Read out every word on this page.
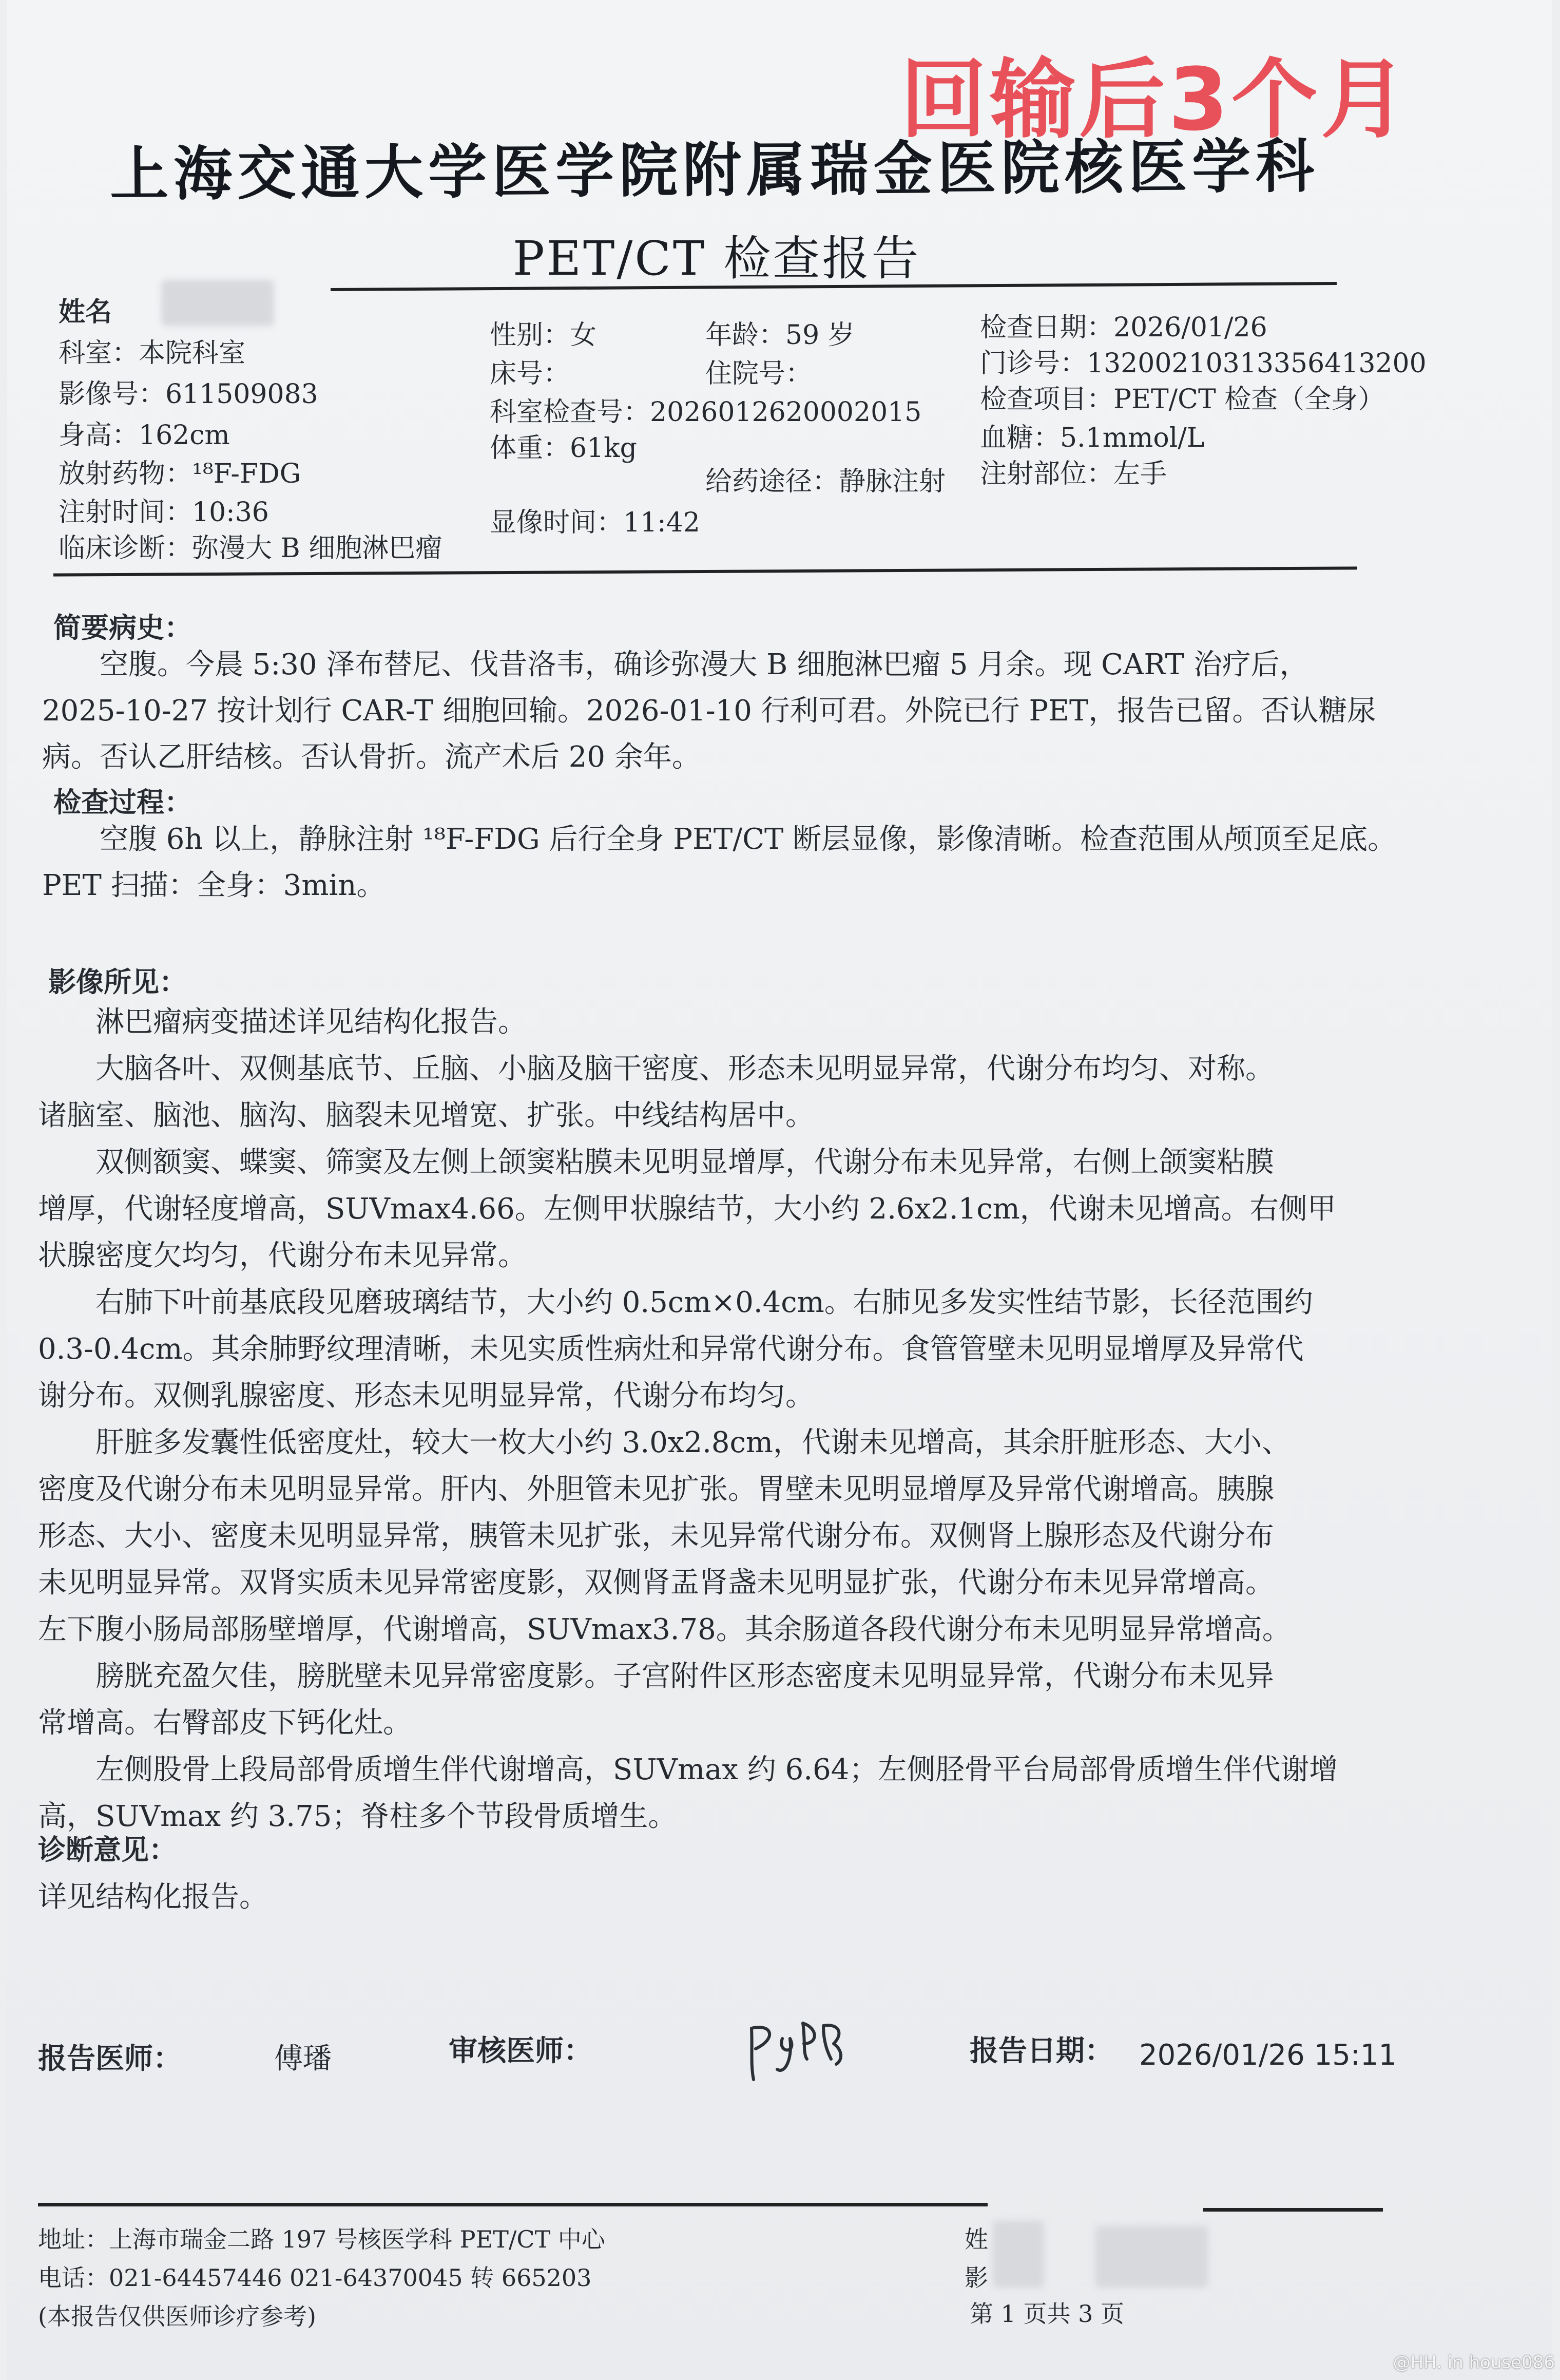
回输后3个月
上海交通大学医学院附属瑞金医院核医学科
PET/CT 检查报告
姓名
科室：本院科室
影像号：611509083
身高：162cm
放射药物：¹⁸F-FDG
注射时间：10:36
临床诊断：弥漫大 B 细胞淋巴瘤
性别：女
床号：
科室检查号：2026012620002015
体重：61kg
显像时间：11:42
年龄：59 岁
住院号：
给药途径：静脉注射
检查日期：2026/01/26
门诊号：13200210313356413200
检查项目：PET/CT 检查（全身）
血糖：5.1mmol/L
注射部位：左手
简要病史：

空腹。今晨 5:30 泽布替尼、伐昔洛韦，确诊弥漫大 B 细胞淋巴瘤 5 月余。现 CART 治疗后，

2025-10-27 按计划行 CAR-T 细胞回输。2026-01-10 行利可君。外院已行 PET，报告已留。否认糖尿

病。否认乙肝结核。否认骨折。流产术后 20 余年。

检查过程：

空腹 6h 以上，静脉注射 ¹⁸F-FDG 后行全身 PET/CT 断层显像，影像清晰。检查范围从颅顶至足底。

PET 扫描：全身：3min。

影像所见：

淋巴瘤病变描述详见结构化报告。

大脑各叶、双侧基底节、丘脑、小脑及脑干密度、形态未见明显异常，代谢分布均匀、对称。

诸脑室、脑池、脑沟、脑裂未见增宽、扩张。中线结构居中。

双侧额窦、蝶窦、筛窦及左侧上颌窦粘膜未见明显增厚，代谢分布未见异常，右侧上颌窦粘膜

增厚，代谢轻度增高，SUVmax4.66。左侧甲状腺结节，大小约 2.6x2.1cm，代谢未见增高。右侧甲

状腺密度欠均匀，代谢分布未见异常。

右肺下叶前基底段见磨玻璃结节，大小约 0.5cm×0.4cm。右肺见多发实性结节影，长径范围约

0.3-0.4cm。其余肺野纹理清晰，未见实质性病灶和异常代谢分布。食管管壁未见明显增厚及异常代

谢分布。双侧乳腺密度、形态未见明显异常，代谢分布均匀。

肝脏多发囊性低密度灶，较大一枚大小约 3.0x2.8cm，代谢未见增高，其余肝脏形态、大小、

密度及代谢分布未见明显异常。肝内、外胆管未见扩张。胃壁未见明显增厚及异常代谢增高。胰腺

形态、大小、密度未见明显异常，胰管未见扩张，未见异常代谢分布。双侧肾上腺形态及代谢分布

未见明显异常。双肾实质未见异常密度影，双侧肾盂肾盏未见明显扩张，代谢分布未见异常增高。

左下腹小肠局部肠壁增厚，代谢增高，SUVmax3.78。其余肠道各段代谢分布未见明显异常增高。

膀胱充盈欠佳，膀胱壁未见异常密度影。子宫附件区形态密度未见明显异常，代谢分布未见异

常增高。右臀部皮下钙化灶。

左侧股骨上段局部骨质增生伴代谢增高，SUVmax 约 6.64；左侧胫骨平台局部骨质增生伴代谢增

高，SUVmax 约 3.75；脊柱多个节段骨质增生。

诊断意见：
详见结构化报告。
报告医师：	傅璠	审核医师：	报告日期： 2026/01/26 15:11
地址：上海市瑞金二路 197 号核医学科 PET/CT 中心
电话：021-64457446 021-64370045 转 665203
(本报告仅供医师诊疗参考)
姓
影
第 1 页共 3 页
@HH. in house086
